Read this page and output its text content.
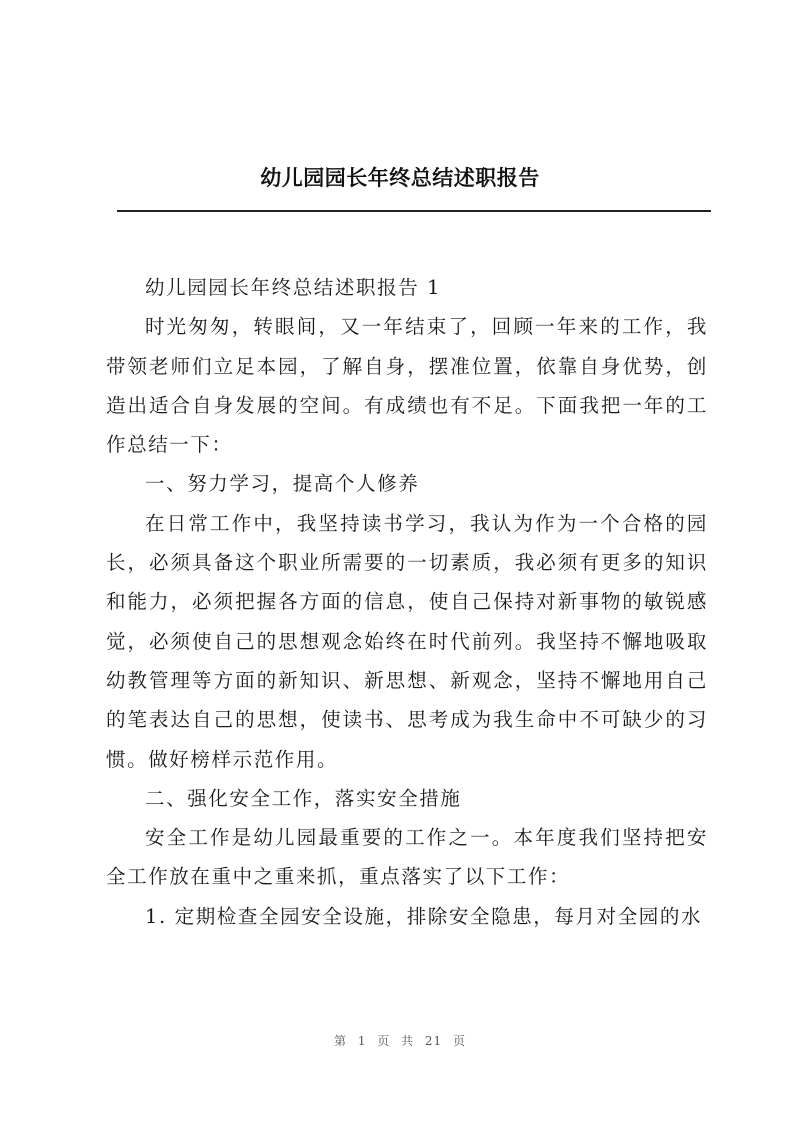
幼儿园园长年终总结述职报告

幼儿园园长年终总结述职报告 1

时光匆匆，转眼间，又一年结束了，回顾一年来的工作，我带领老师们立足本园，了解自身，摆准位置，依靠自身优势，创造出适合自身发展的空间。有成绩也有不足。下面我把一年的工作总结一下：

一、努力学习，提高个人修养

在日常工作中，我坚持读书学习，我认为作为一个合格的园长，必须具备这个职业所需要的一切素质，我必须有更多的知识和能力，必须把握各方面的信息，使自己保持对新事物的敏锐感觉，必须使自己的思想观念始终在时代前列。我坚持不懈地吸取幼教管理等方面的新知识、新思想、新观念，坚持不懈地用自己的笔表达自己的思想，使读书、思考成为我生命中不可缺少的习惯。做好榜样示范作用。

二、强化安全工作，落实安全措施

安全工作是幼儿园最重要的工作之一。本年度我们坚持把安全工作放在重中之重来抓，重点落实了以下工作：

1. 定期检查全园安全设施，排除安全隐患，每月对全园的水

第 1 页 共 21 页
